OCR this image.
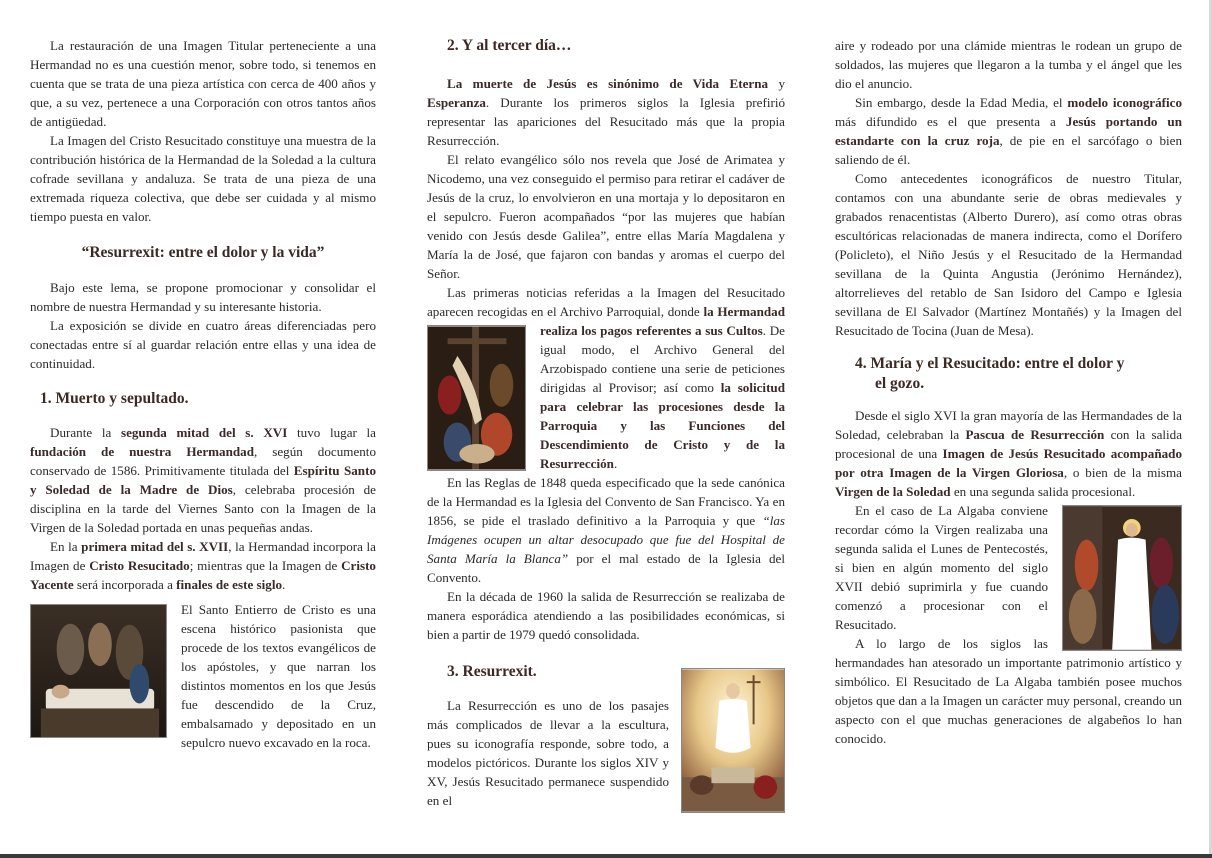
La restauración de una Imagen Titular perteneciente a una Hermandad no es una cuestión menor, sobre todo, si tenemos en cuenta que se trata de una pieza artística con cerca de 400 años y que, a su vez, pertenece a una Corporación con otros tantos años de antigüedad.

La Imagen del Cristo Resucitado constituye una muestra de la contribución histórica de la Hermandad de la Soledad a la cultura cofrade sevillana y andaluza. Se trata de una pieza de una extremada riqueza colectiva, que debe ser cuidada y al mismo tiempo puesta en valor.

“Resurrexit: entre el dolor y la vida”

Bajo este lema, se propone promocionar y consolidar el nombre de nuestra Hermandad y su interesante historia.

La exposición se divide en cuatro áreas diferenciadas pero conectadas entre sí al guardar relación entre ellas y una idea de continuidad.

1. Muerto y sepultado.

Durante la segunda mitad del s. XVI tuvo lugar la fundación de nuestra Hermandad, según documento conservado de 1586. Primitivamente titulada del Espíritu Santo y Soledad de la Madre de Dios, celebraba procesión de disciplina en la tarde del Viernes Santo con la Imagen de la Virgen de la Soledad portada en unas pequeñas andas.

En la primera mitad del s. XVII, la Hermandad incorpora la Imagen de Cristo Resucitado; mientras que la Imagen de Cristo Yacente será incorporada a finales de este siglo.

El Santo Entierro de Cristo es una escena histórico pasionista que procede de los textos evangélicos de los apóstoles, y que narran los distintos momentos en los que Jesús fue descendido de la Cruz, embalsamado y depositado en un sepulcro nuevo excavado en la roca.

2. Y al tercer día…

La muerte de Jesús es sinónimo de Vida Eterna y Esperanza. Durante los primeros siglos la Iglesia prefirió representar las apariciones del Resucitado más que la propia Resurrección.

El relato evangélico sólo nos revela que José de Arimatea y Nicodemo, una vez conseguido el permiso para retirar el cadáver de Jesús de la cruz, lo envolvieron en una mortaja y lo depositaron en el sepulcro. Fueron acompañados “por las mujeres que habían venido con Jesús desde Galilea”, entre ellas María Magdalena y María la de José, que fajaron con bandas y aromas el cuerpo del Señor.

Las primeras noticias referidas a la Imagen del Resucitado aparecen recogidas en el Archivo Parroquial, donde la Hermandad realiza los pagos referentes a sus Cultos. De igual modo, el Archivo General del Arzobispado contiene una serie de peticiones dirigidas al Provisor; así como la solicitud para celebrar las procesiones desde la Parroquia y las Funciones del Descendimiento de Cristo y de la Resurrección.

En las Reglas de 1848 queda especificado que la sede canónica de la Hermandad es la Iglesia del Convento de San Francisco. Ya en 1856, se pide el traslado definitivo a la Parroquia y que “las Imágenes ocupen un altar desocupado que fue del Hospital de Santa María la Blanca” por el mal estado de la Iglesia del Convento.

En la década de 1960 la salida de Resurrección se realizaba de manera esporádica atendiendo a las posibilidades económicas, si bien a partir de 1979 quedó consolidada.

3. Resurrexit.

La Resurrección es uno de los pasajes más complicados de llevar a la escultura, pues su iconografía responde, sobre todo, a modelos pictóricos. Durante los siglos XIV y XV, Jesús Resucitado permanece suspendido en el

aire y rodeado por una clámide mientras le rodean un grupo de soldados, las mujeres que llegaron a la tumba y el ángel que les dio el anuncio.

Sin embargo, desde la Edad Media, el modelo iconográfico más difundido es el que presenta a Jesús portando un estandarte con la cruz roja, de pie en el sarcófago o bien saliendo de él.

Como antecedentes iconográficos de nuestro Titular, contamos con una abundante serie de obras medievales y grabados renacentistas (Alberto Durero), así como otras obras escultóricas relacionadas de manera indirecta, como el Dorífero (Policleto), el Niño Jesús y el Resucitado de la Hermandad sevillana de la Quinta Angustia (Jerónimo Hernández), altorrelieves del retablo de San Isidoro del Campo e Iglesia sevillana de El Salvador (Martínez Montañés) y la Imagen del Resucitado de Tocina (Juan de Mesa).

4. María y el Resucitado: entre el dolor y
el gozo.

Desde el siglo XVI la gran mayoría de las Hermandades de la Soledad, celebraban la Pascua de Resurrección con la salida procesional de una Imagen de Jesús Resucitado acompañado por otra Imagen de la Virgen Gloriosa, o bien de la misma Virgen de la Soledad en una segunda salida procesional.

En el caso de La Algaba conviene recordar cómo la Virgen realizaba una segunda salida el Lunes de Pentecostés, si bien en algún momento del siglo XVII debió suprimirla y fue cuando comenzó a procesionar con el Resucitado.

A lo largo de los siglos las hermandades han atesorado un importante patrimonio artístico y simbólico. El Resucitado de La Algaba también posee muchos objetos que dan a la Imagen un carácter muy personal, creando un aspecto con el que muchas generaciones de algabeños lo han conocido.
